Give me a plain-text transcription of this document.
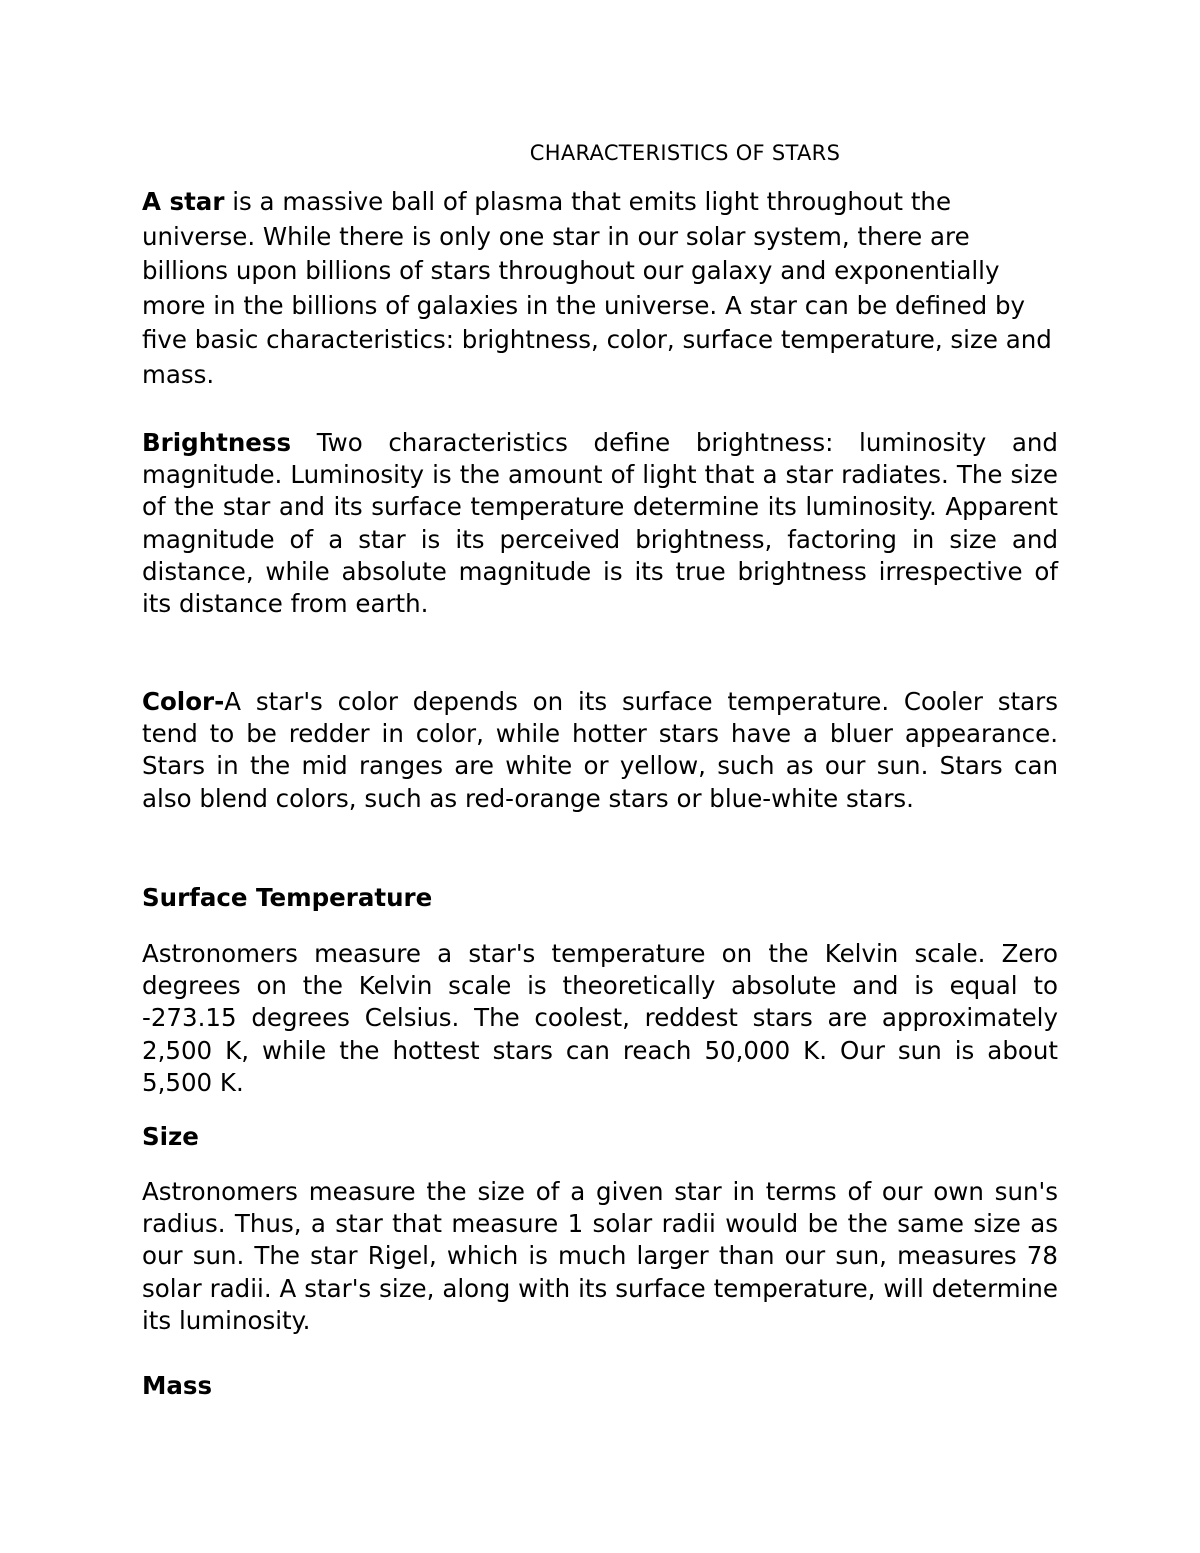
CHARACTERISTICS OF STARS

A star is a massive ball of plasma that emits light throughout the universe. While there is only one star in our solar system, there are billions upon billions of stars throughout our galaxy and exponentially more in the billions of galaxies in the universe. A star can be defined by five basic characteristics: brightness, color, surface temperature, size and mass.

Brightness Two characteristics define brightness: luminosity and magnitude. Luminosity is the amount of light that a star radiates. The size of the star and its surface temperature determine its luminosity. Apparent magnitude of a star is its perceived brightness, factoring in size and distance, while absolute magnitude is its true brightness irrespective of its distance from earth.

Color-A star's color depends on its surface temperature. Cooler stars tend to be redder in color, while hotter stars have a bluer appearance. Stars in the mid ranges are white or yellow, such as our sun. Stars can also blend colors, such as red-orange stars or blue-white stars.

Surface Temperature

Astronomers measure a star's temperature on the Kelvin scale. Zero degrees on the Kelvin scale is theoretically absolute and is equal to -273.15 degrees Celsius. The coolest, reddest stars are approximately 2,500 K, while the hottest stars can reach 50,000 K. Our sun is about 5,500 K.

Size

Astronomers measure the size of a given star in terms of our own sun's radius. Thus, a star that measure 1 solar radii would be the same size as our sun. The star Rigel, which is much larger than our sun, measures 78 solar radii. A star's size, along with its surface temperature, will determine its luminosity.

Mass
